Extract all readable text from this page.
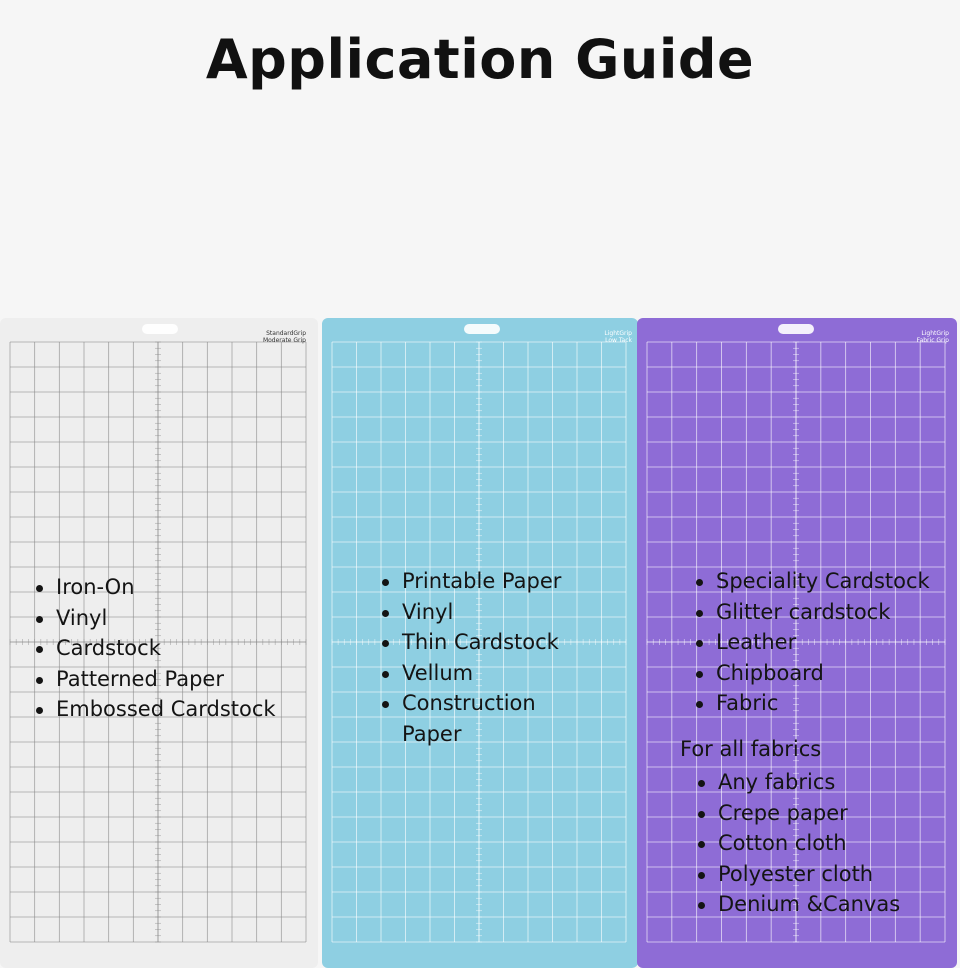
Application Guide
StandardGrip
Moderate Grip
LightGrip
Low Tack
LightGrip
Fabric Grip
Iron-On
Vinyl
Cardstock
Patterned Paper
Embossed Cardstock
Printable Paper
Vinyl
Thin Cardstock
Vellum
Construction Paper
Speciality Cardstock
Glitter cardstock
Leather
Chipboard
Fabric
For all fabrics
Any fabrics
Crepe paper
Cotton cloth
Polyester cloth
Denium &Canvas
